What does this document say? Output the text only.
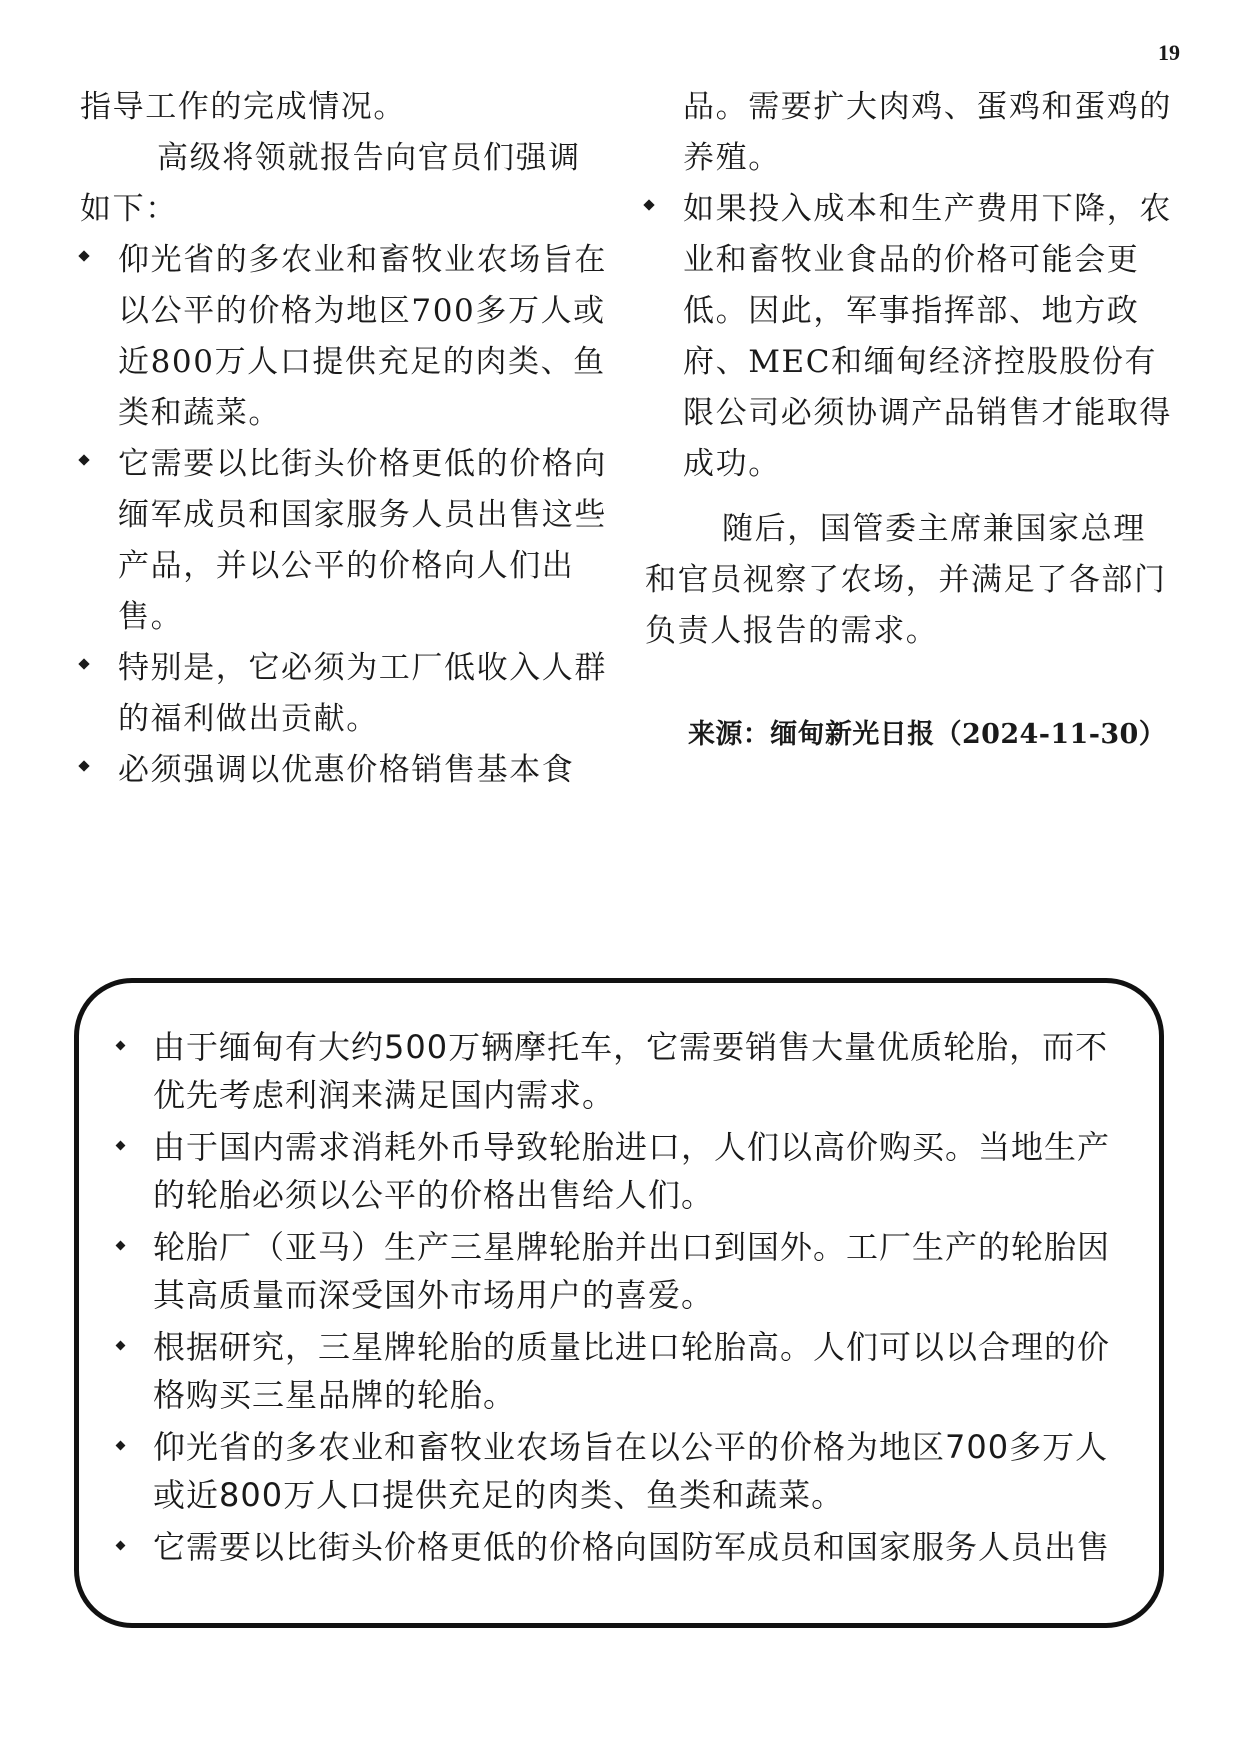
19

指导工作的完成情况。

高级将领就报告向官员们强调如下：

仰光省的多农业和畜牧业农场旨在以公平的价格为地区700多万人或近800万人口提供充足的肉类、鱼类和蔬菜。
它需要以比街头价格更低的价格向缅军成员和国家服务人员出售这些产品，并以公平的价格向人们出售。
特别是，它必须为工厂低收入人群的福利做出贡献。
必须强调以优惠价格销售基本食
品。需要扩大肉鸡、蛋鸡和蛋鸡的养殖。
如果投入成本和生产费用下降，农业和畜牧业食品的价格可能会更低。因此，军事指挥部、地方政府、MEC和缅甸经济控股股份有限公司必须协调产品销售才能取得成功。

随后，国管委主席兼国家总理和官员视察了农场，并满足了各部门负责人报告的需求。

来源：缅甸新光日报（2024-11-30）
由于缅甸有大约500万辆摩托车，它需要销售大量优质轮胎，而不优先考虑利润来满足国内需求。
由于国内需求消耗外币导致轮胎进口，人们以高价购买。当地生产的轮胎必须以公平的价格出售给人们。
轮胎厂（亚马）生产三星牌轮胎并出口到国外。工厂生产的轮胎因其高质量而深受国外市场用户的喜爱。
根据研究，三星牌轮胎的质量比进口轮胎高。人们可以以合理的价格购买三星品牌的轮胎。
仰光省的多农业和畜牧业农场旨在以公平的价格为地区700多万人或近800万人口提供充足的肉类、鱼类和蔬菜。
它需要以比街头价格更低的价格向国防军成员和国家服务人员出售
